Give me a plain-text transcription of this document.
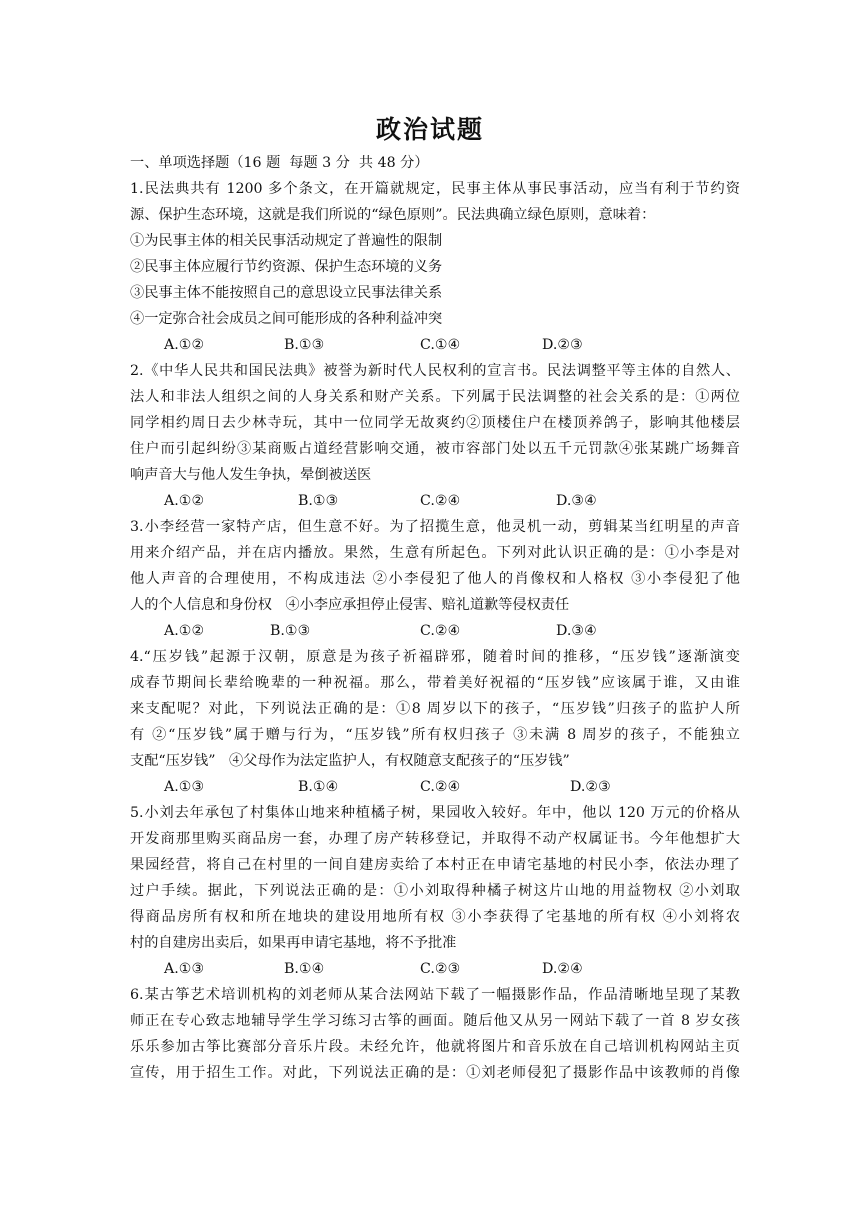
政治试题
一、单项选择题（16 题  每题 3 分  共 48 分）
1.民法典共有 1200 多个条文，在开篇就规定，民事主体从事民事活动，应当有利于节约资
源、保护生态环境，这就是我们所说的“绿色原则”。民法典确立绿色原则，意味着：
①为民事主体的相关民事活动规定了普遍性的限制
②民事主体应履行节约资源、保护生态环境的义务
③民事主体不能按照自己的意思设立民事法律关系
④一定弥合社会成员之间可能形成的各种利益冲突
A.①②	B.①③	C.①④	D.②③
2.《中华人民共和国民法典》被誉为新时代人民权利的宣言书。民法调整平等主体的自然人、
法人和非法人组织之间的人身关系和财产关系。下列属于民法调整的社会关系的是：①两位
同学相约周日去少林寺玩，其中一位同学无故爽约②顶楼住户在楼顶养鸽子，影响其他楼层
住户而引起纠纷③某商贩占道经营影响交通，被市容部门处以五千元罚款④张某跳广场舞音
响声音大与他人发生争执，晕倒被送医
A.①②	B.①③	C.②④	D.③④
3.小李经营一家特产店，但生意不好。为了招揽生意，他灵机一动，剪辑某当红明星的声音
用来介绍产品，并在店内播放。果然，生意有所起色。下列对此认识正确的是：①小李是对
他人声音的合理使用，不构成违法 ②小李侵犯了他人的肖像权和人格权 ③小李侵犯了他
人的个人信息和身份权   ④小李应承担停止侵害、赔礼道歉等侵权责任
A.①②	B.①③	C.②④	D.③④
4.“压岁钱”起源于汉朝，原意是为孩子祈福辟邪，随着时间的推移，“压岁钱”逐渐演变
成春节期间长辈给晚辈的一种祝福。那么，带着美好祝福的“压岁钱”应该属于谁，又由谁
来支配呢？对此，下列说法正确的是：①8 周岁以下的孩子，“压岁钱”归孩子的监护人所
有 ②“压岁钱”属于赠与行为，“压岁钱”所有权归孩子 ③未满 8 周岁的孩子，不能独立
支配“压岁钱”   ④父母作为法定监护人，有权随意支配孩子的“压岁钱”
A.①③	B.①④	C.②④	D.②③
5.小刘去年承包了村集体山地来种植橘子树，果园收入较好。年中，他以 120 万元的价格从
开发商那里购买商品房一套，办理了房产转移登记，并取得不动产权属证书。今年他想扩大
果园经营，将自己在村里的一间自建房卖给了本村正在申请宅基地的村民小李，依法办理了
过户手续。据此，下列说法正确的是：①小刘取得种橘子树这片山地的用益物权 ②小刘取
得商品房所有权和所在地块的建设用地所有权 ③小李获得了宅基地的所有权 ④小刘将农
村的自建房出卖后，如果再申请宅基地，将不予批准
A.①③	B.①④	C.②③	D.②④
6.某古筝艺术培训机构的刘老师从某合法网站下载了一幅摄影作品，作品清晰地呈现了某教
师正在专心致志地辅导学生学习练习古筝的画面。随后他又从另一网站下载了一首 8 岁女孩
乐乐参加古筝比赛部分音乐片段。未经允许，他就将图片和音乐放在自己培训机构网站主页
宣传，用于招生工作。对此，下列说法正确的是：①刘老师侵犯了摄影作品中该教师的肖像
